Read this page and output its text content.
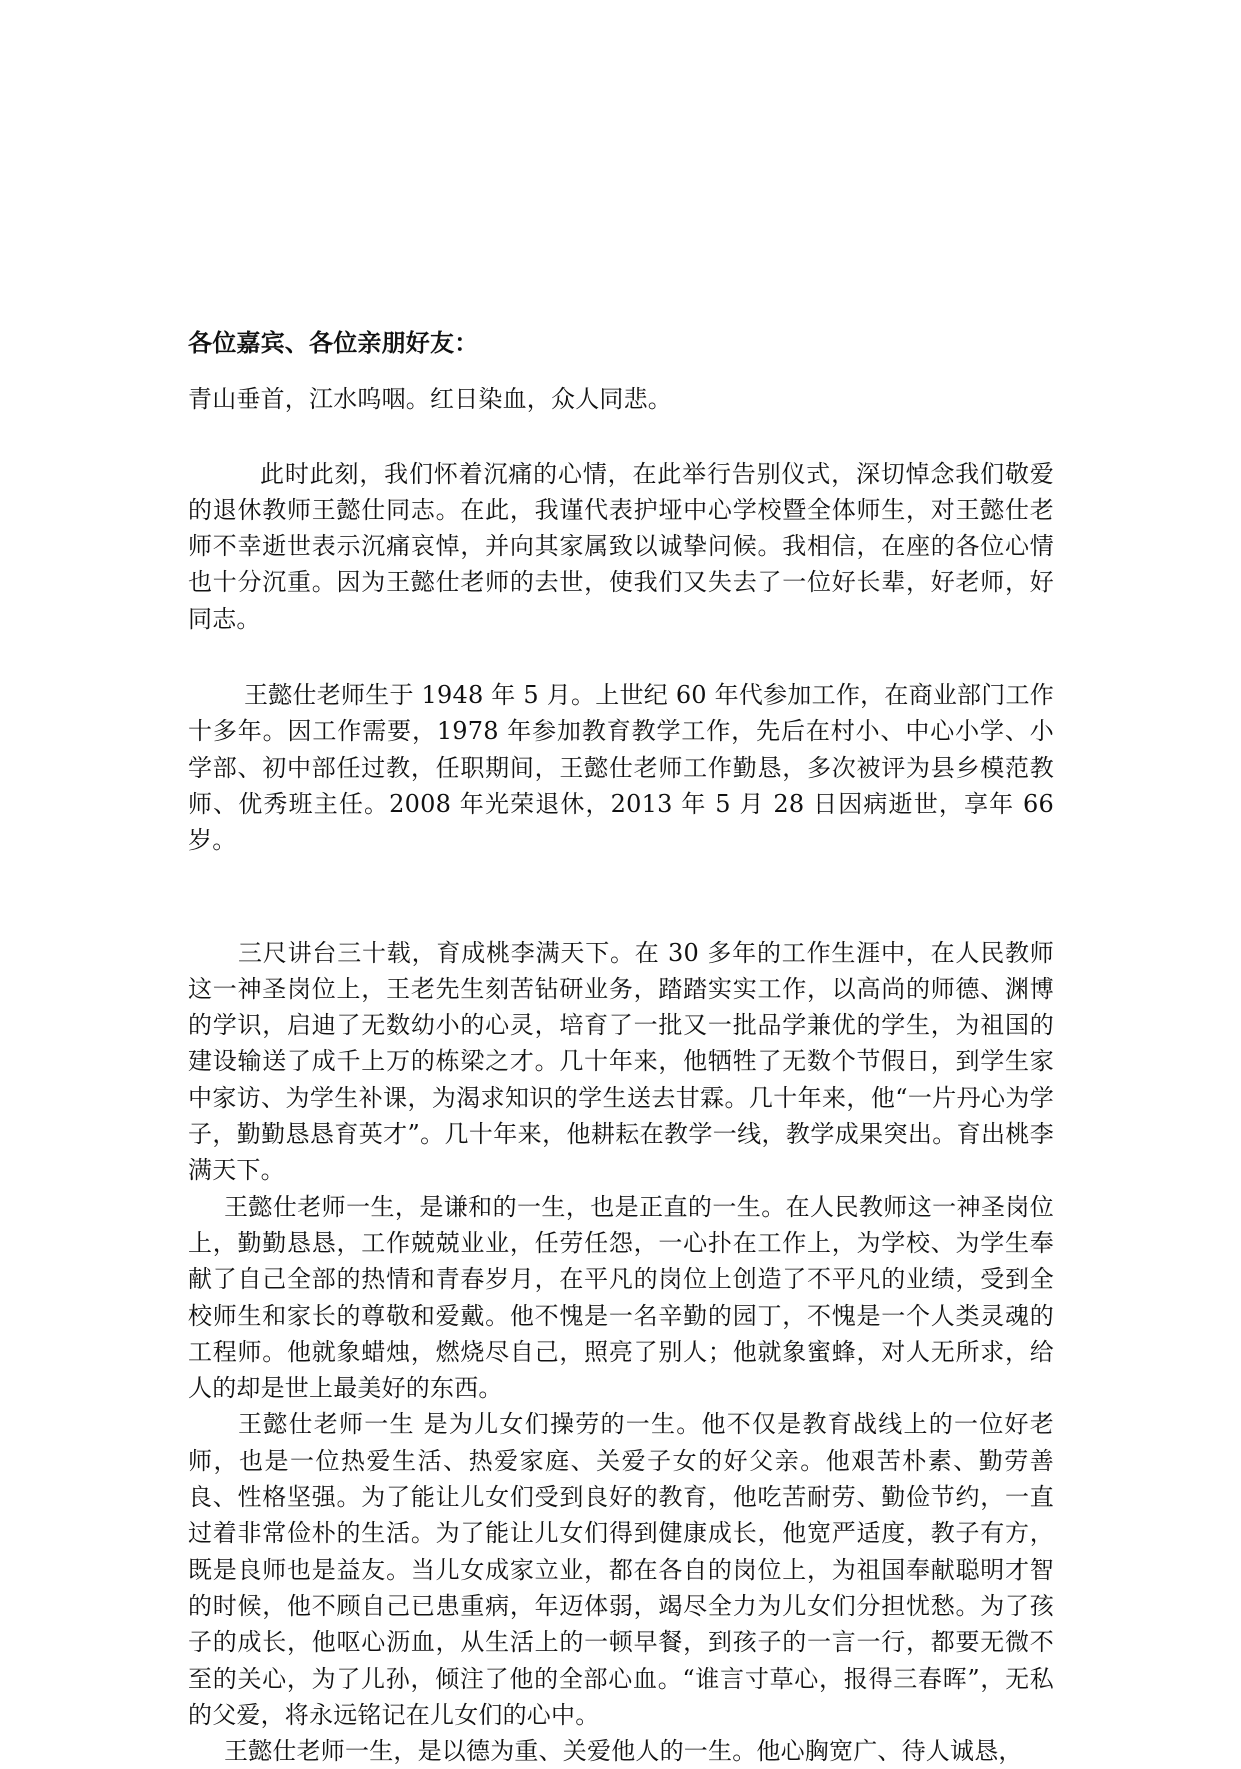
各位嘉宾、各位亲朋好友：

青山垂首，江水呜咽。红日染血，众人同悲。

此时此刻，我们怀着沉痛的心情，在此举行告别仪式，深切悼念我们敬爱的退休教师王懿仕同志。在此，我谨代表护垭中心学校暨全体师生，对王懿仕老师不幸逝世表示沉痛哀悼，并向其家属致以诚挚问候。我相信，在座的各位心情也十分沉重。因为王懿仕老师的去世，使我们又失去了一位好长辈，好老师，好同志。

王懿仕老师生于 1948 年 5 月。上世纪 60 年代参加工作，在商业部门工作十多年。因工作需要，1978 年参加教育教学工作，先后在村小、中心小学、小学部、初中部任过教，任职期间，王懿仕老师工作勤恳，多次被评为县乡模范教师、优秀班主任。2008 年光荣退休，2013 年 5 月 28 日因病逝世，享年 66 岁。

三尺讲台三十载，育成桃李满天下。在 30 多年的工作生涯中，在人民教师这一神圣岗位上，王老先生刻苦钻研业务，踏踏实实工作，以高尚的师德、渊博的学识，启迪了无数幼小的心灵，培育了一批又一批品学兼优的学生，为祖国的建设输送了成千上万的栋梁之才。几十年来，他牺牲了无数个节假日，到学生家中家访、为学生补课，为渴求知识的学生送去甘霖。几十年来，他“一片丹心为学子，勤勤恳恳育英才”。几十年来，他耕耘在教学一线，教学成果突出。育出桃李满天下。

王懿仕老师一生，是谦和的一生，也是正直的一生。在人民教师这一神圣岗位上，勤勤恳恳，工作兢兢业业，任劳任怨，一心扑在工作上，为学校、为学生奉献了自己全部的热情和青春岁月，在平凡的岗位上创造了不平凡的业绩，受到全校师生和家长的尊敬和爱戴。他不愧是一名辛勤的园丁，不愧是一个人类灵魂的工程师。他就象蜡烛，燃烧尽自己，照亮了别人；他就象蜜蜂，对人无所求，给人的却是世上最美好的东西。

王懿仕老师一生 是为儿女们操劳的一生。他不仅是教育战线上的一位好老师，也是一位热爱生活、热爱家庭、关爱子女的好父亲。他艰苦朴素、勤劳善良、性格坚强。为了能让儿女们受到良好的教育，他吃苦耐劳、勤俭节约，一直过着非常俭朴的生活。为了能让儿女们得到健康成长，他宽严适度，教子有方，既是良师也是益友。当儿女成家立业，都在各自的岗位上，为祖国奉献聪明才智的时候，他不顾自己已患重病，年迈体弱，竭尽全力为儿女们分担忧愁。为了孩子的成长，他呕心沥血，从生活上的一顿早餐，到孩子的一言一行，都要无微不至的关心，为了儿孙，倾注了他的全部心血。“谁言寸草心，报得三春晖”，无私的父爱，将永远铭记在儿女们的心中。

王懿仕老师一生，是以德为重、关爱他人的一生。他心胸宽广、待人诚恳，
